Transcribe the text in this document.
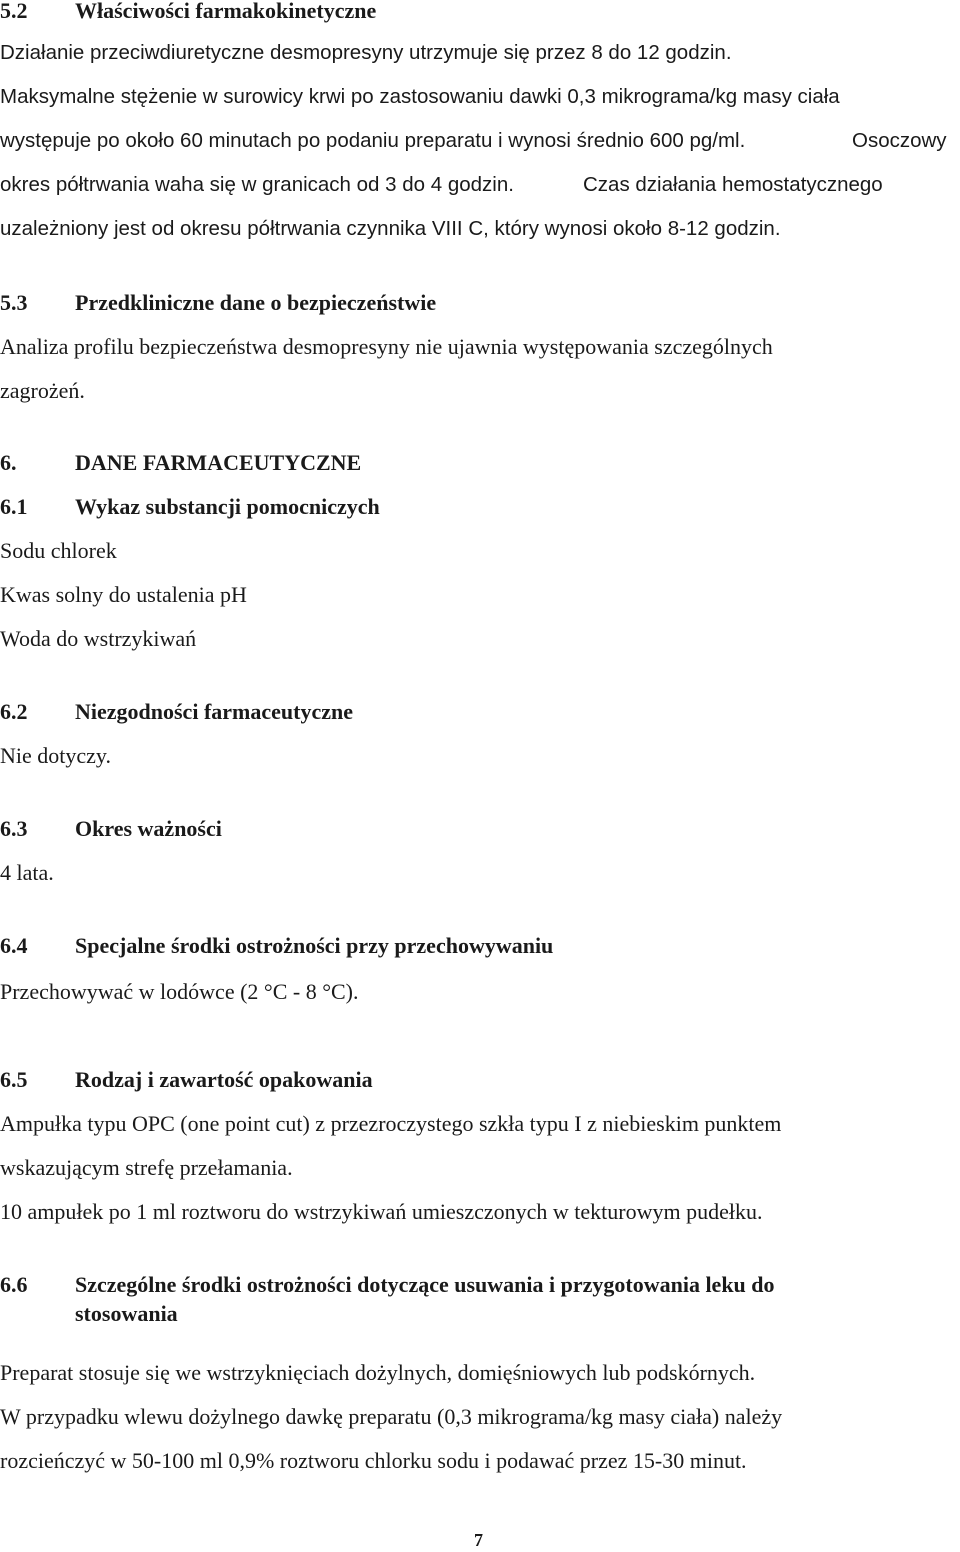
5.2 Właściwości farmakokinetyczne
Działanie przeciwdiuretyczne desmopresyny utrzymuje się przez 8 do 12 godzin.
Maksymalne stężenie w surowicy krwi po zastosowaniu dawki 0,3 mikrograma/kg masy ciała
występuje po około 60 minutach po podaniu preparatu i wynosi średnio 600 pg/ml.	Osoczowy
okres półtrwania waha się w granicach od 3 do 4 godzin.	Czas działania hemostatycznego
uzależniony jest od okresu półtrwania czynnika VIII C, który wynosi około 8-12 godzin.
5.3 Przedkliniczne dane o bezpieczeństwie
Analiza profilu bezpieczeństwa desmopresyny nie ujawnia występowania szczególnych
zagrożeń.
6.	DANE FARMACEUTYCZNE
6.1 Wykaz substancji pomocniczych
Sodu chlorek
Kwas solny do ustalenia pH
Woda do wstrzykiwań
6.2 Niezgodności farmaceutyczne
Nie dotyczy.
6.3 Okres ważności
4 lata.
6.4 Specjalne środki ostrożności przy przechowywaniu
Przechowywać w lodówce (2 °C - 8 °C).
6.5 Rodzaj i zawartość opakowania
Ampułka typu OPC (one point cut) z przezroczystego szkła typu I z niebieskim punktem
wskazującym strefę przełamania.
10 ampułek po 1 ml roztworu do wstrzykiwań umieszczonych w tekturowym pudełku.
6.6 Szczególne środki ostrożności dotyczące usuwania i przygotowania leku do
stosowania
Preparat stosuje się we wstrzyknięciach dożylnych, domięśniowych lub podskórnych.
W przypadku wlewu dożylnego dawkę preparatu (0,3 mikrograma/kg masy ciała) należy
rozcieńczyć w 50-100 ml 0,9% roztworu chlorku sodu i podawać przez 15-30 minut.
7
